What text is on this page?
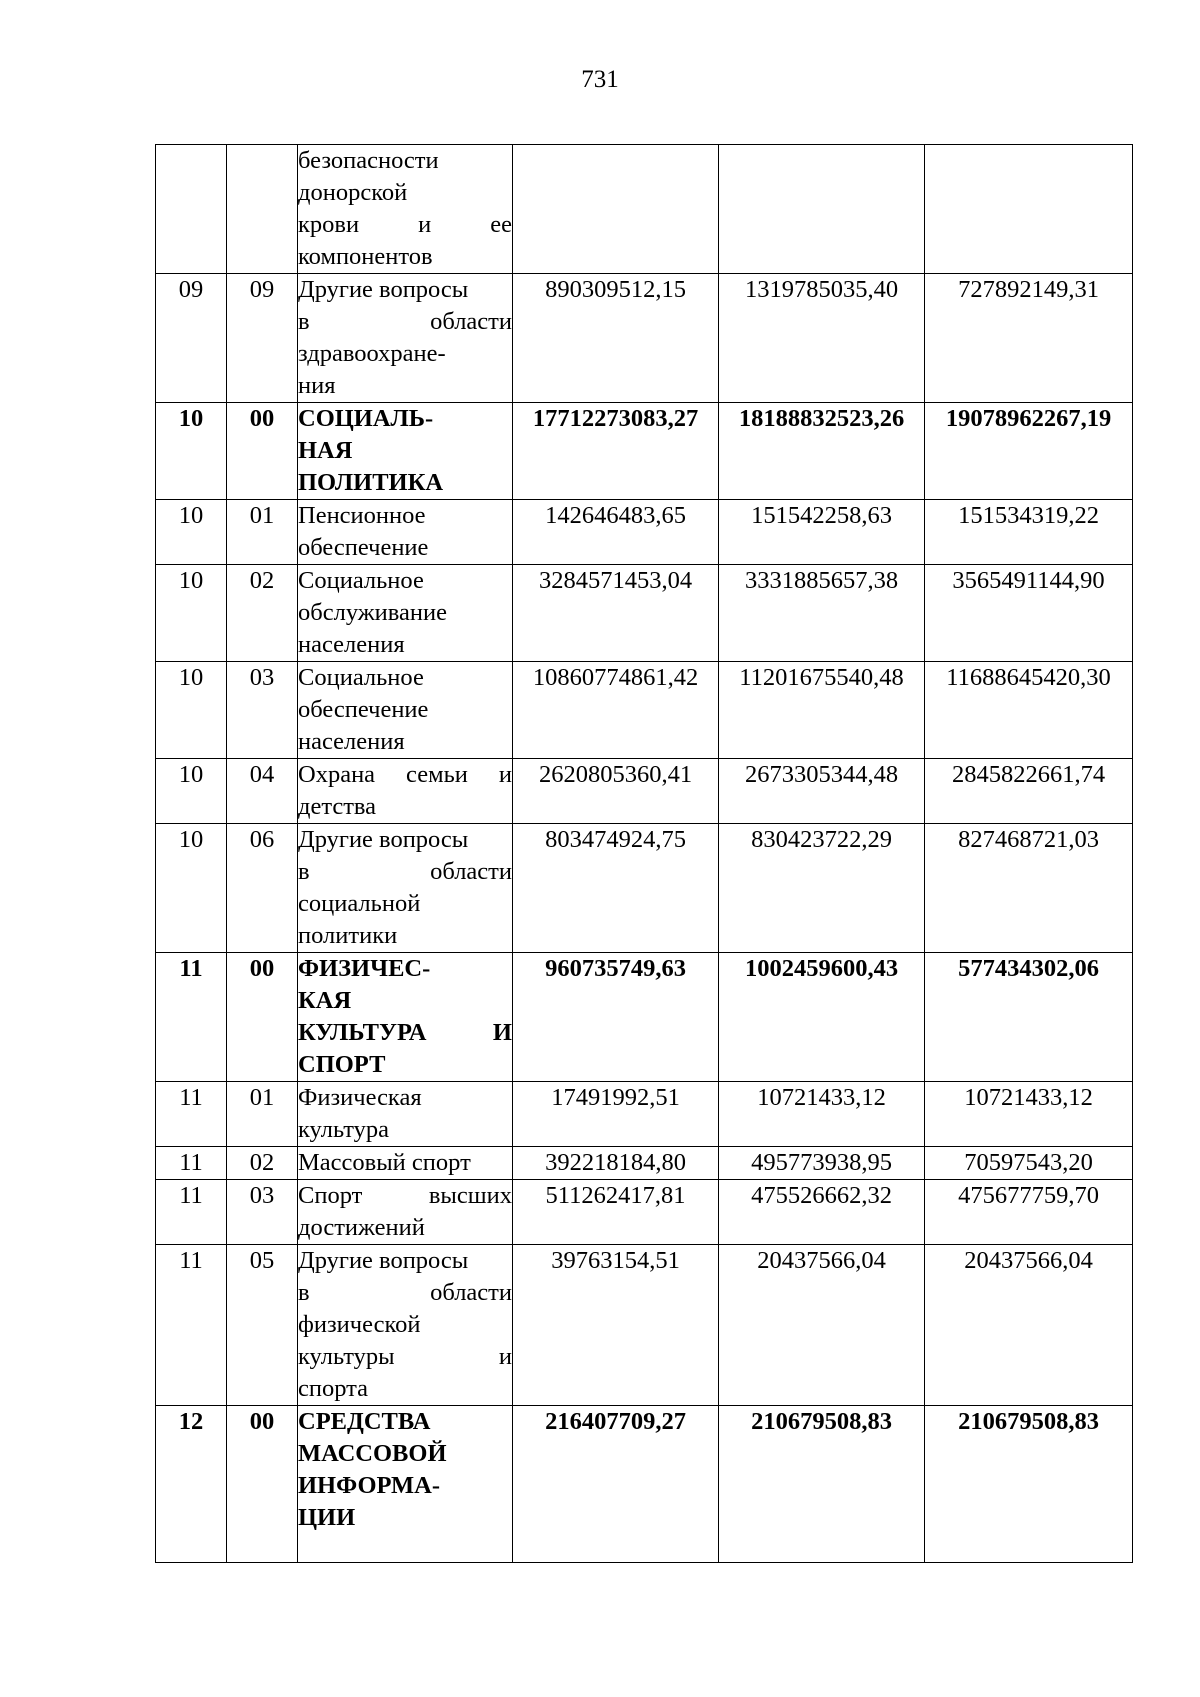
731

		безопасности
донорской
крови и ее
компонентов			

09	09	Другие вопросы
в области
здравоохране-
ния	890309512,15	1319785035,40	727892149,31
10	00	СОЦИАЛЬ-
НАЯ
ПОЛИТИКА	17712273083,27	18188832523,26	19078962267,19
10	01	Пенсионное
обеспечение	142646483,65	151542258,63	151534319,22
10	02	Социальное
обслуживание
населения	3284571453,04	3331885657,38	3565491144,90
10	03	Социальное
обеспечение
населения	10860774861,42	11201675540,48	11688645420,30
10	04	Охрана семьи и
детства	2620805360,41	2673305344,48	2845822661,74
10	06	Другие вопросы
в области
социальной
политики	803474924,75	830423722,29	827468721,03
11	00	ФИЗИЧЕС-
КАЯ
КУЛЬТУРА И
СПОРТ	960735749,63	1002459600,43	577434302,06
11	01	Физическая
культура	17491992,51	10721433,12	10721433,12
11	02	Массовый спорт	392218184,80	495773938,95	70597543,20
11	03	Спорт высших
достижений	511262417,81	475526662,32	475677759,70
11	05	Другие вопросы
в области
физической
культуры и
спорта	39763154,51	20437566,04	20437566,04
12	00	СРЕДСТВА
МАССОВОЙ
ИНФОРМА-
ЦИИ	216407709,27	210679508,83	210679508,83
